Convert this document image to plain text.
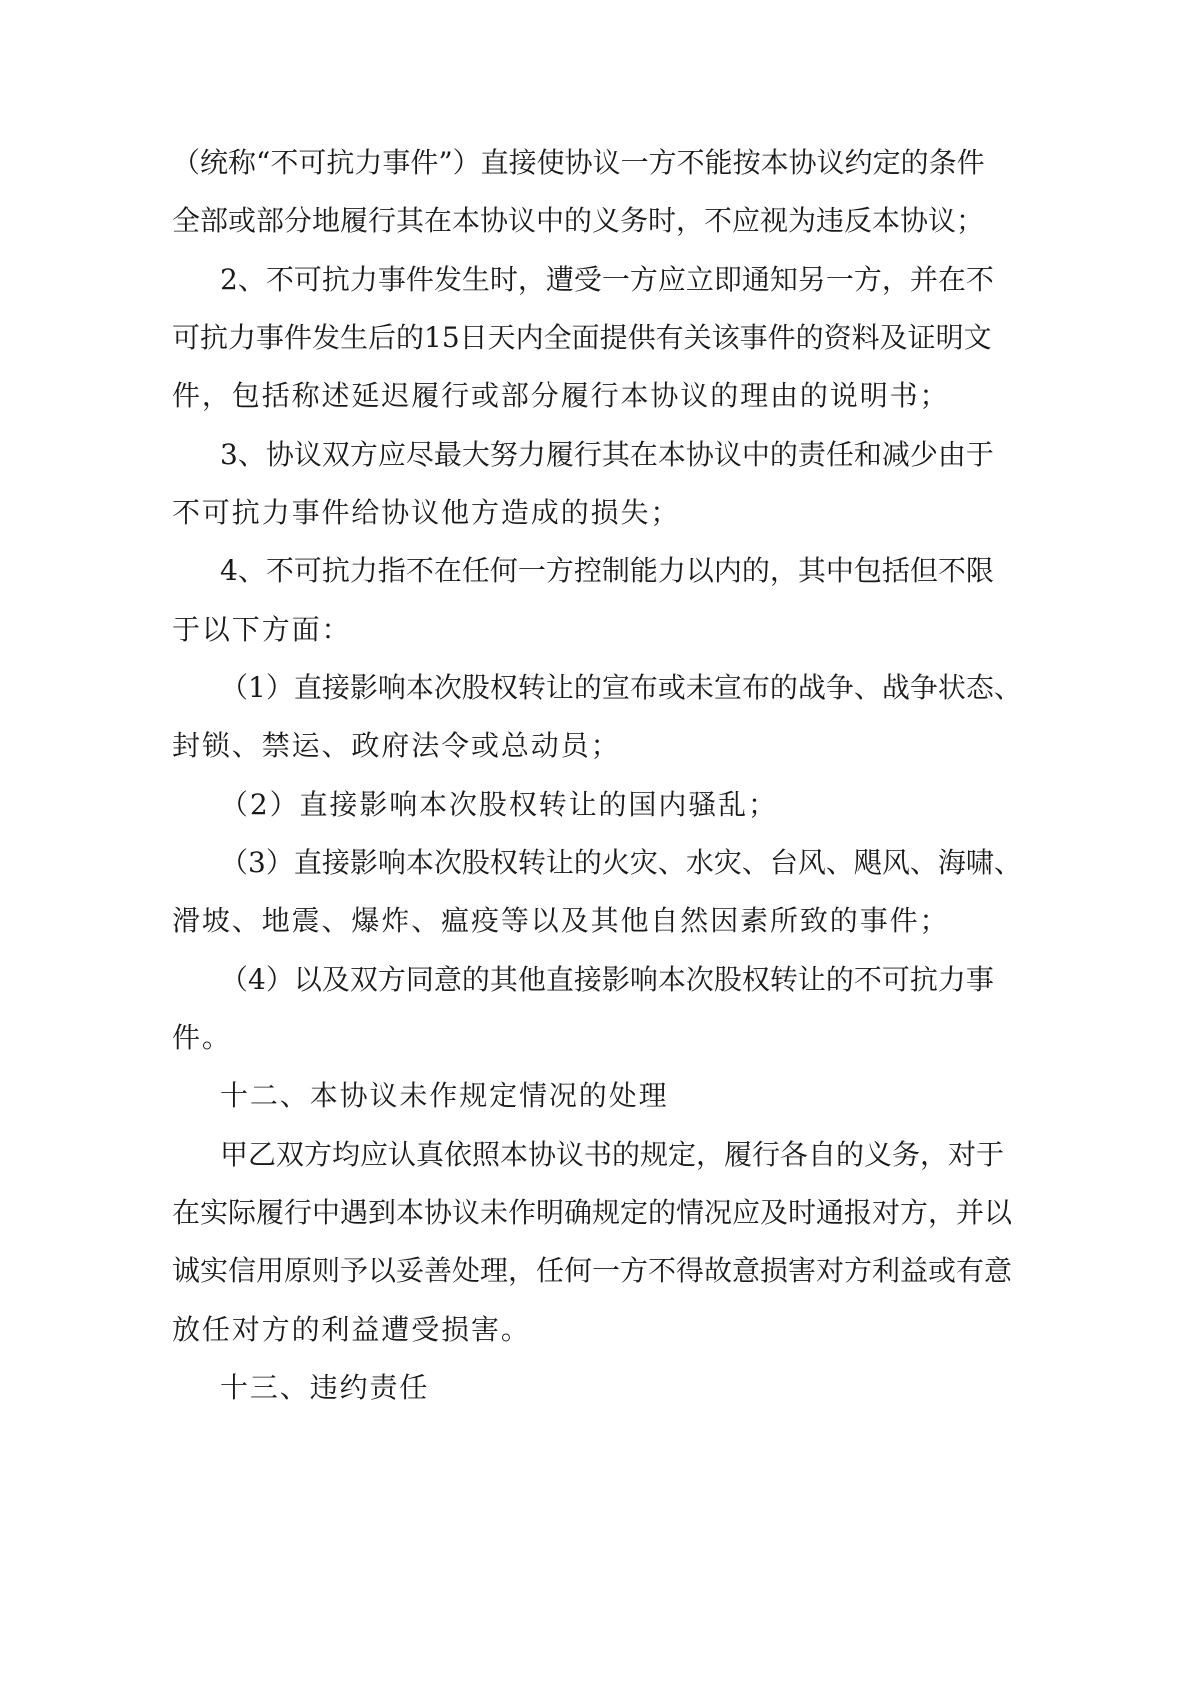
（统称“不可抗力事件”）直接使协议一方不能按本协议约定的条件
全部或部分地履行其在本协议中的义务时，不应视为违反本协议；
2、不可抗力事件发生时，遭受一方应立即通知另一方，并在不
可抗力事件发生后的15日天内全面提供有关该事件的资料及证明文
件，包括称述延迟履行或部分履行本协议的理由的说明书；
3、协议双方应尽最大努力履行其在本协议中的责任和减少由于
不可抗力事件给协议他方造成的损失；
4、不可抗力指不在任何一方控制能力以内的，其中包括但不限
于以下方面：
（1）直接影响本次股权转让的宣布或未宣布的战争、战争状态、
封锁、禁运、政府法令或总动员；
（2）直接影响本次股权转让的国内骚乱；
（3）直接影响本次股权转让的火灾、水灾、台风、飓风、海啸、
滑坡、地震、爆炸、瘟疫等以及其他自然因素所致的事件；
（4）以及双方同意的其他直接影响本次股权转让的不可抗力事
件。
十二、本协议未作规定情况的处理
甲乙双方均应认真依照本协议书的规定，履行各自的义务，对于
在实际履行中遇到本协议未作明确规定的情况应及时通报对方，并以
诚实信用原则予以妥善处理，任何一方不得故意损害对方利益或有意
放任对方的利益遭受损害。
十三、违约责任
